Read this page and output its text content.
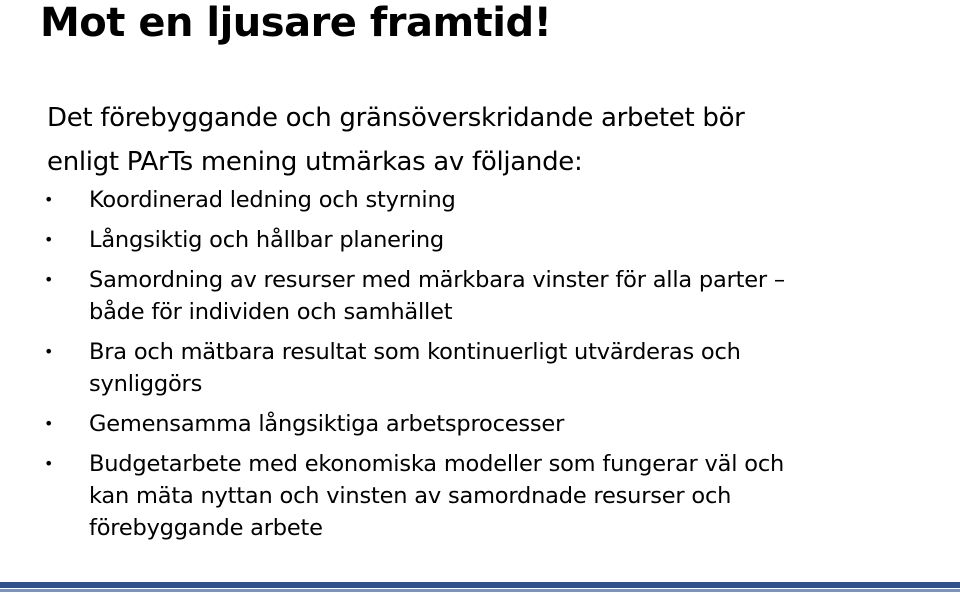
Mot en ljusare framtid!
Det förebyggande och gränsöverskridande arbetet bör
enligt PArTs mening utmärkas av följande:
•	Koordinerad ledning och styrning
•	Långsiktig och hållbar planering
•	Samordning av resurser med märkbara vinster för alla parter – både för individen och samhället
•	Bra och mätbara resultat som kontinuerligt utvärderas och synliggörs
•	Gemensamma långsiktiga arbetsprocesser
•	Budgetarbete med ekonomiska modeller som fungerar väl och kan mäta nyttan och vinsten av samordnade resurser och förebyggande arbete
